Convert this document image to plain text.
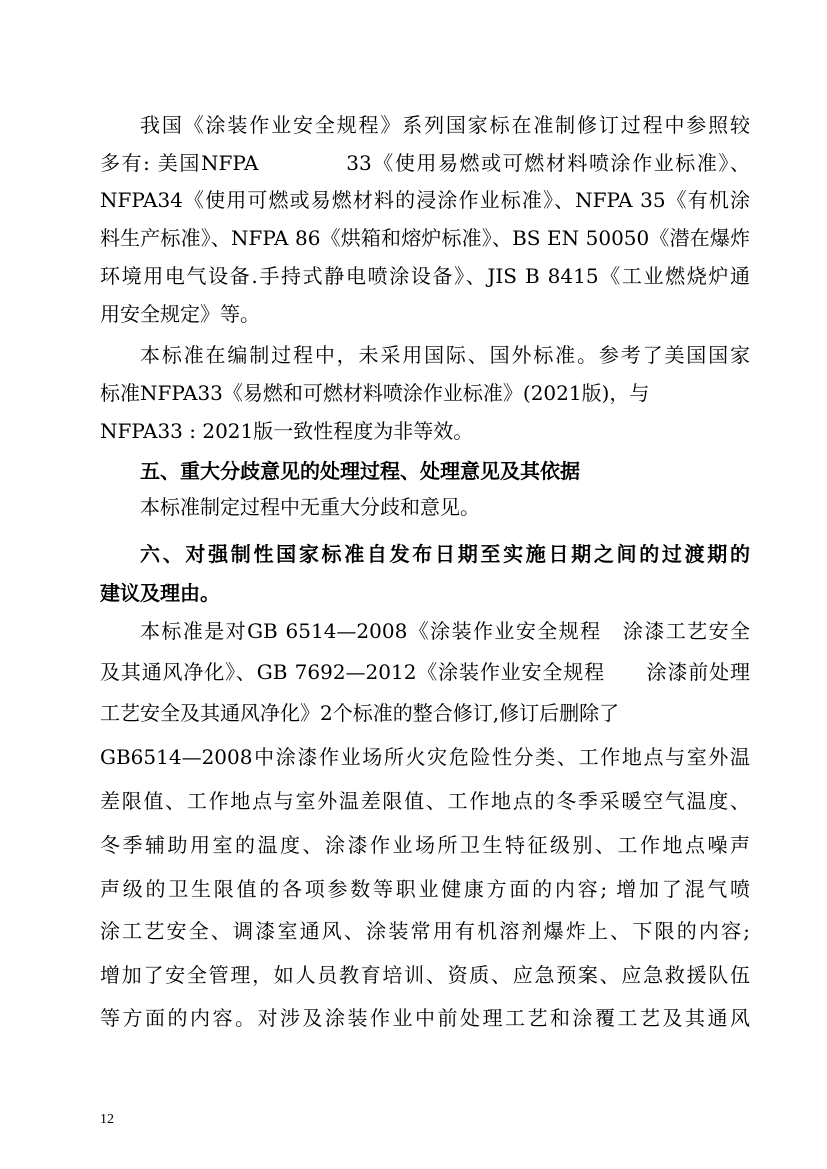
我国《涂装作业安全规程》系列国家标在准制修订过程中参照较
多有: 美国NFPA　　　　33《使用易燃或可燃材料喷涂作业标准》、
NFPA34《使用可燃或易燃材料的浸涂作业标准》、NFPA 35《有机涂
料生产标准》、NFPA 86《烘箱和熔炉标准》、BS EN 50050《潜在爆炸
环境用电气设备.手持式静电喷涂设备》、JIS B 8415《工业燃烧炉通
用安全规定》等。
本标准在编制过程中，未采用国际、国外标准。参考了美国国家
标准NFPA33《易燃和可燃材料喷涂作业标准》(2021版)，与
NFPA33 : 2021版一致性程度为非等效。
五、重大分歧意见的处理过程、处理意见及其依据
本标准制定过程中无重大分歧和意见。
六、对强制性国家标准自发布日期至实施日期之间的过渡期的
建议及理由。
本标准是对GB 6514—2008《涂装作业安全规程　涂漆工艺安全
及其通风净化》、GB 7692—2012《涂装作业安全规程　　涂漆前处理
工艺安全及其通风净化》2个标准的整合修订,修订后删除了
GB6514—2008中涂漆作业场所火灾危险性分类、工作地点与室外温
差限值、工作地点与室外温差限值、工作地点的冬季采暖空气温度、
冬季辅助用室的温度、涂漆作业场所卫生特征级别、工作地点噪声
声级的卫生限值的各项参数等职业健康方面的内容; 增加了混气喷
涂工艺安全、调漆室通风、涂装常用有机溶剂爆炸上、下限的内容;
增加了安全管理，如人员教育培训、资质、应急预案、应急救援队伍
等方面的内容。对涉及涂装作业中前处理工艺和涂覆工艺及其通风
12
